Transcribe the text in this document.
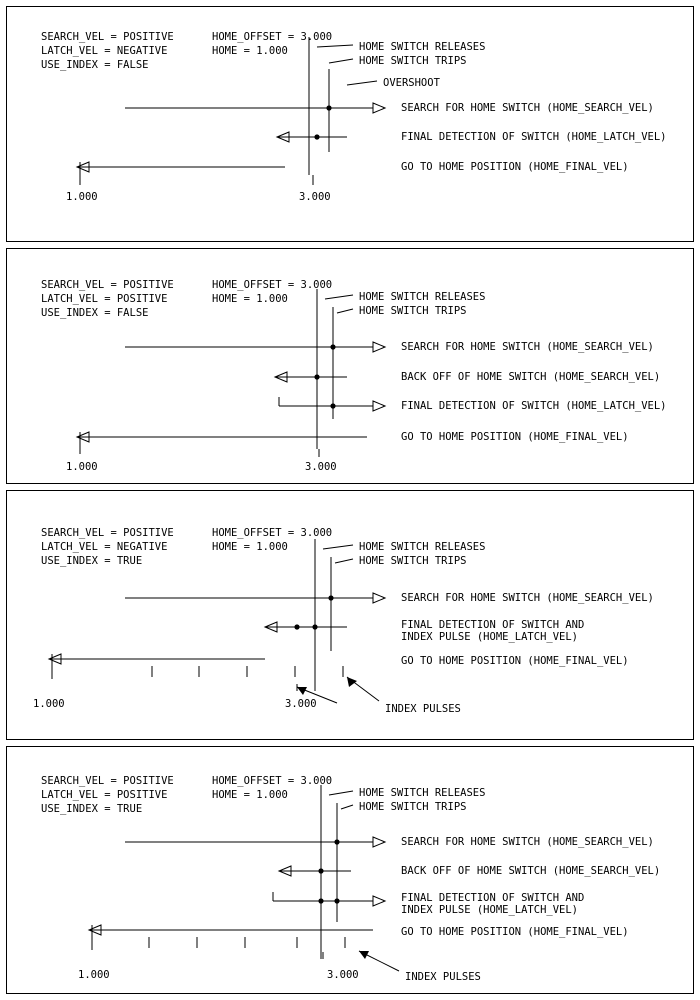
SEARCH_VEL = POSITIVE
LATCH_VEL = NEGATIVE
USE_INDEX = FALSE
HOME_OFFSET = 3.000
HOME = 1.000	HOME SWITCH RELEASES
HOME SWITCH TRIPS
OVERSHOOT
SEARCH FOR HOME SWITCH (HOME_SEARCH_VEL)
FINAL DETECTION OF SWITCH (HOME_LATCH_VEL)
GO TO HOME POSITION (HOME_FINAL_VEL)
1.000	3.000
SEARCH_VEL = POSITIVE
LATCH_VEL = POSITIVE
USE_INDEX = FALSE
HOME_OFFSET = 3.000
HOME = 1.000	HOME SWITCH RELEASES
HOME SWITCH TRIPS
SEARCH FOR HOME SWITCH (HOME_SEARCH_VEL)
BACK OFF OF HOME SWITCH (HOME_SEARCH_VEL)
FINAL DETECTION OF SWITCH (HOME_LATCH_VEL)
GO TO HOME POSITION (HOME_FINAL_VEL)
1.000	3.000
SEARCH_VEL = POSITIVE
LATCH_VEL = NEGATIVE
USE_INDEX = TRUE
HOME_OFFSET = 3.000
HOME = 1.000	HOME SWITCH RELEASES
HOME SWITCH TRIPS
SEARCH FOR HOME SWITCH (HOME_SEARCH_VEL)
FINAL DETECTION OF SWITCH AND
INDEX PULSE (HOME_LATCH_VEL)
GO TO HOME POSITION (HOME_FINAL_VEL)
1.000	3.000	INDEX PULSES
SEARCH_VEL = POSITIVE
LATCH_VEL = POSITIVE
USE_INDEX = TRUE
HOME_OFFSET = 3.000
HOME = 1.000	HOME SWITCH RELEASES
HOME SWITCH TRIPS
SEARCH FOR HOME SWITCH (HOME_SEARCH_VEL)
BACK OFF OF HOME SWITCH (HOME_SEARCH_VEL)
FINAL DETECTION OF SWITCH AND
INDEX PULSE (HOME_LATCH_VEL)
GO TO HOME POSITION (HOME_FINAL_VEL)
1.000	3.000	INDEX PULSES
